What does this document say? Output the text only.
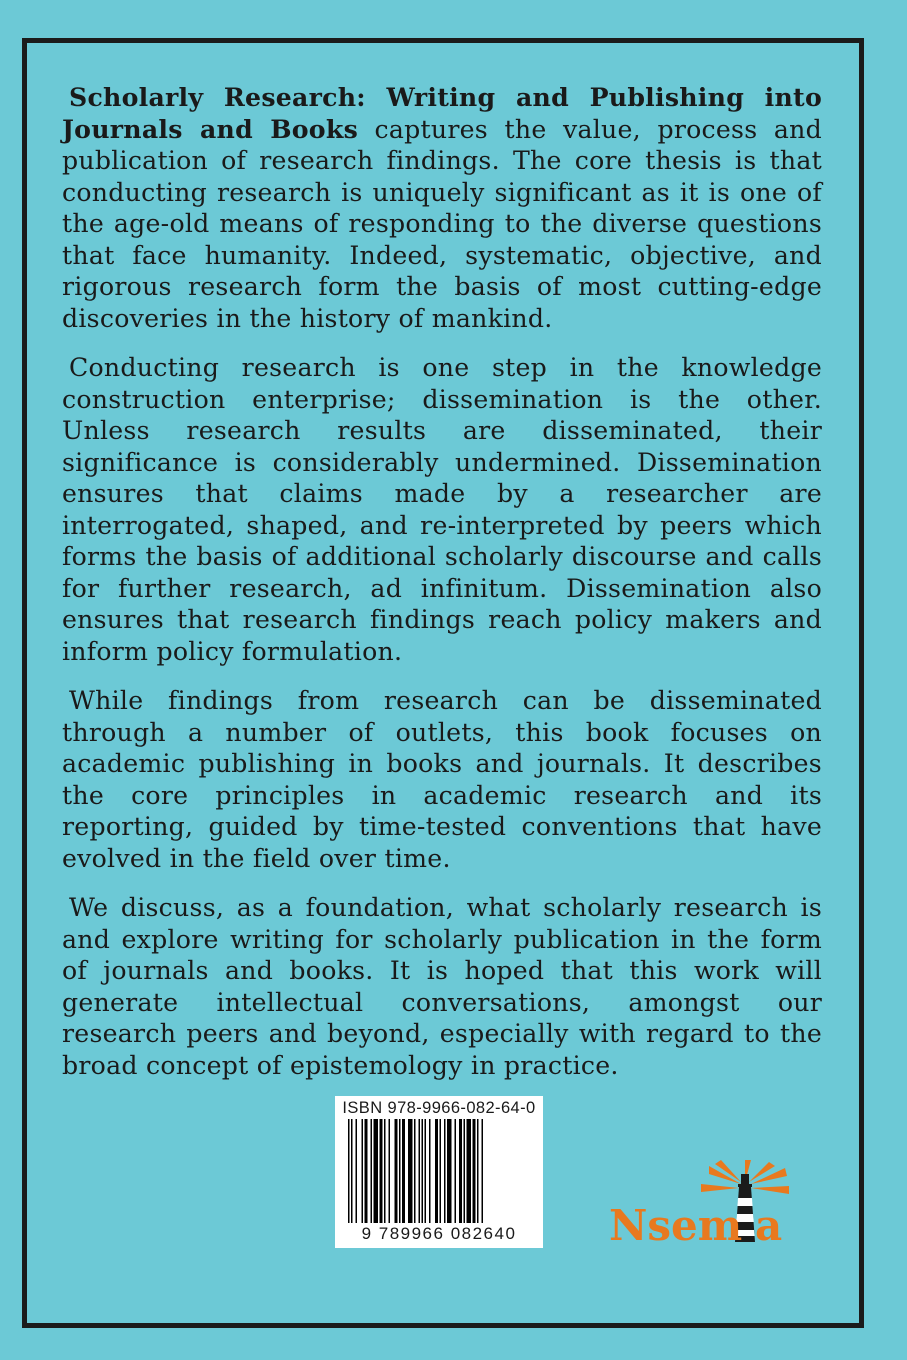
Scholarly Research: Writing and Publishing into Journals and Books captures the value, process and publication of research findings. The core thesis is that conducting research is uniquely significant as it is one of the age-old means of responding to the diverse questions that face humanity. Indeed, systematic, objective, and rigorous research form the basis of most cutting-edge discoveries in the history of mankind.

Conducting research is one step in the knowledge construction enterprise; dissemination is the other. Unless research results are disseminated, their significance is considerably undermined. Dissemination ensures that claims made by a researcher are interrogated, shaped, and re-interpreted by peers which forms the basis of additional scholarly discourse and calls for further research, ad infinitum. Dissemination also ensures that research findings reach policy makers and inform policy formulation.

While findings from research can be disseminated through a number of outlets, this book focuses on academic publishing in books and journals. It describes the core principles in academic research and its reporting, guided by time-tested conventions that have evolved in the field over time.

We discuss, as a foundation, what scholarly research is and explore writing for scholarly publication in the form of journals and books. It is hoped that this work will generate intellectual conversations, amongst our research peers and beyond, especially with regard to the broad concept of epistemology in practice.

ISBN 978-9966-082-64-0
9 789966 082640	Nsem a
